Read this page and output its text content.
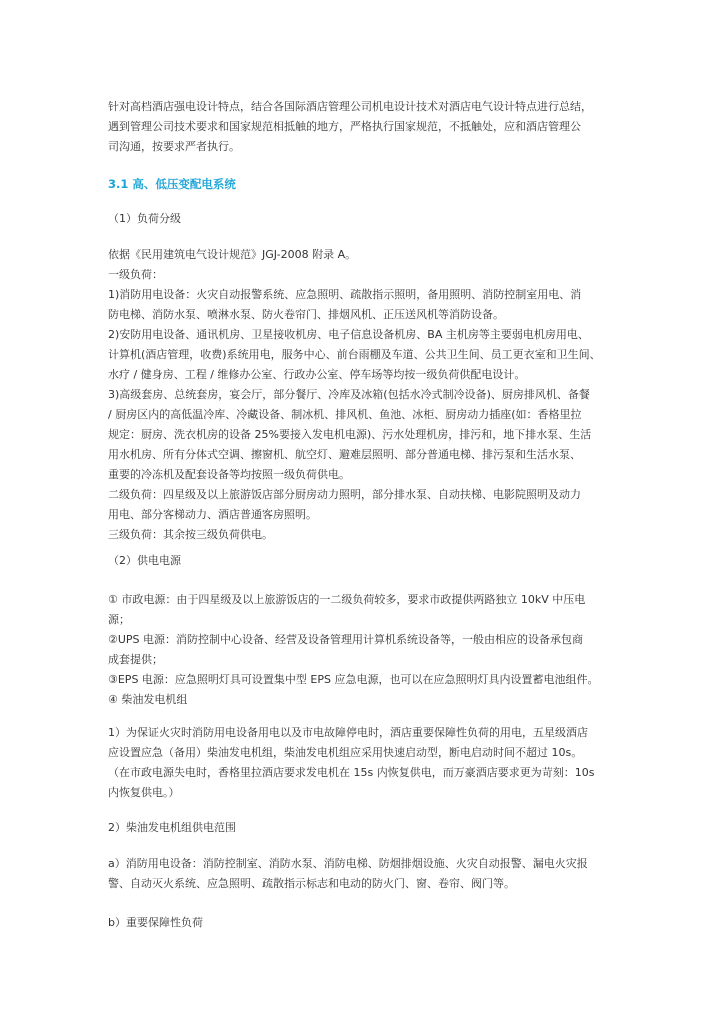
针对高档酒店强电设计特点，结合各国际酒店管理公司机电设计技术对酒店电气设计特点进行总结，
遇到管理公司技术要求和国家规范相抵触的地方，严格执行国家规范，不抵触处，应和酒店管理公
司沟通，按要求严者执行。
3.1 高、低压变配电系统
（1）负荷分级
依据《民用建筑电气设计规范》JGJ-2008 附录 A。
一级负荷：
1)消防用电设备：火灾自动报警系统、应急照明、疏散指示照明，备用照明、消防控制室用电、消
防电梯、消防水泵、喷淋水泵、防火卷帘门、排烟风机、正压送风机等消防设备。
2)安防用电设备、通讯机房、卫星接收机房、电子信息设备机房、BA 主机房等主要弱电机房用电、
计算机(酒店管理，收费)系统用电，服务中心、前台雨棚及车道、公共卫生间、员工更衣室和卫生间、
水疗 / 健身房、工程 / 维修办公室、行政办公室、停车场等均按一级负荷供配电设计。
3)高级套房、总统套房，宴会厅，部分餐厅、冷库及冰箱(包括水冷式制冷设备)、厨房排风机、备餐
/ 厨房区内的高低温冷库、冷藏设备、制冰机、排风机、鱼池、冰柜、厨房动力插座(如：香格里拉
规定：厨房、洗衣机房的设备 25%要接入发电机电源)、污水处理机房，排污和，地下排水泵、生活
用水机房、所有分体式空调、擦窗机、航空灯、避难层照明、部分普通电梯、排污泵和生活水泵、
重要的冷冻机及配套设备等均按照一级负荷供电。
二级负荷：四星级及以上旅游饭店部分厨房动力照明，部分排水泵、自动扶梯、电影院照明及动力
用电、部分客梯动力、酒店普通客房照明。
三级负荷：其余按三级负荷供电。
（2）供电电源
① 市政电源：由于四星级及以上旅游饭店的一二级负荷较多，要求市政提供两路独立 10kV 中压电
源；
②UPS 电源：消防控制中心设备、经营及设备管理用计算机系统设备等，一般由相应的设备承包商
成套提供；
③EPS 电源：应急照明灯具可设置集中型 EPS 应急电源，也可以在应急照明灯具内设置蓄电池组件。
④ 柴油发电机组
1）为保证火灾时消防用电设备用电以及市电故障停电时，酒店重要保障性负荷的用电，五星级酒店
应设置应急（备用）柴油发电机组，柴油发电机组应采用快速启动型，断电启动时间不超过 10s。
（在市政电源失电时，香格里拉酒店要求发电机在 15s 内恢复供电，而万豪酒店要求更为苛刻：10s
内恢复供电。）
2）柴油发电机组供电范围
a）消防用电设备：消防控制室、消防水泵、消防电梯、防烟排烟设施、火灾自动报警、漏电火灾报
警、自动灭火系统、应急照明、疏散指示标志和电动的防火门、窗、卷帘、阀门等。
b）重要保障性负荷
